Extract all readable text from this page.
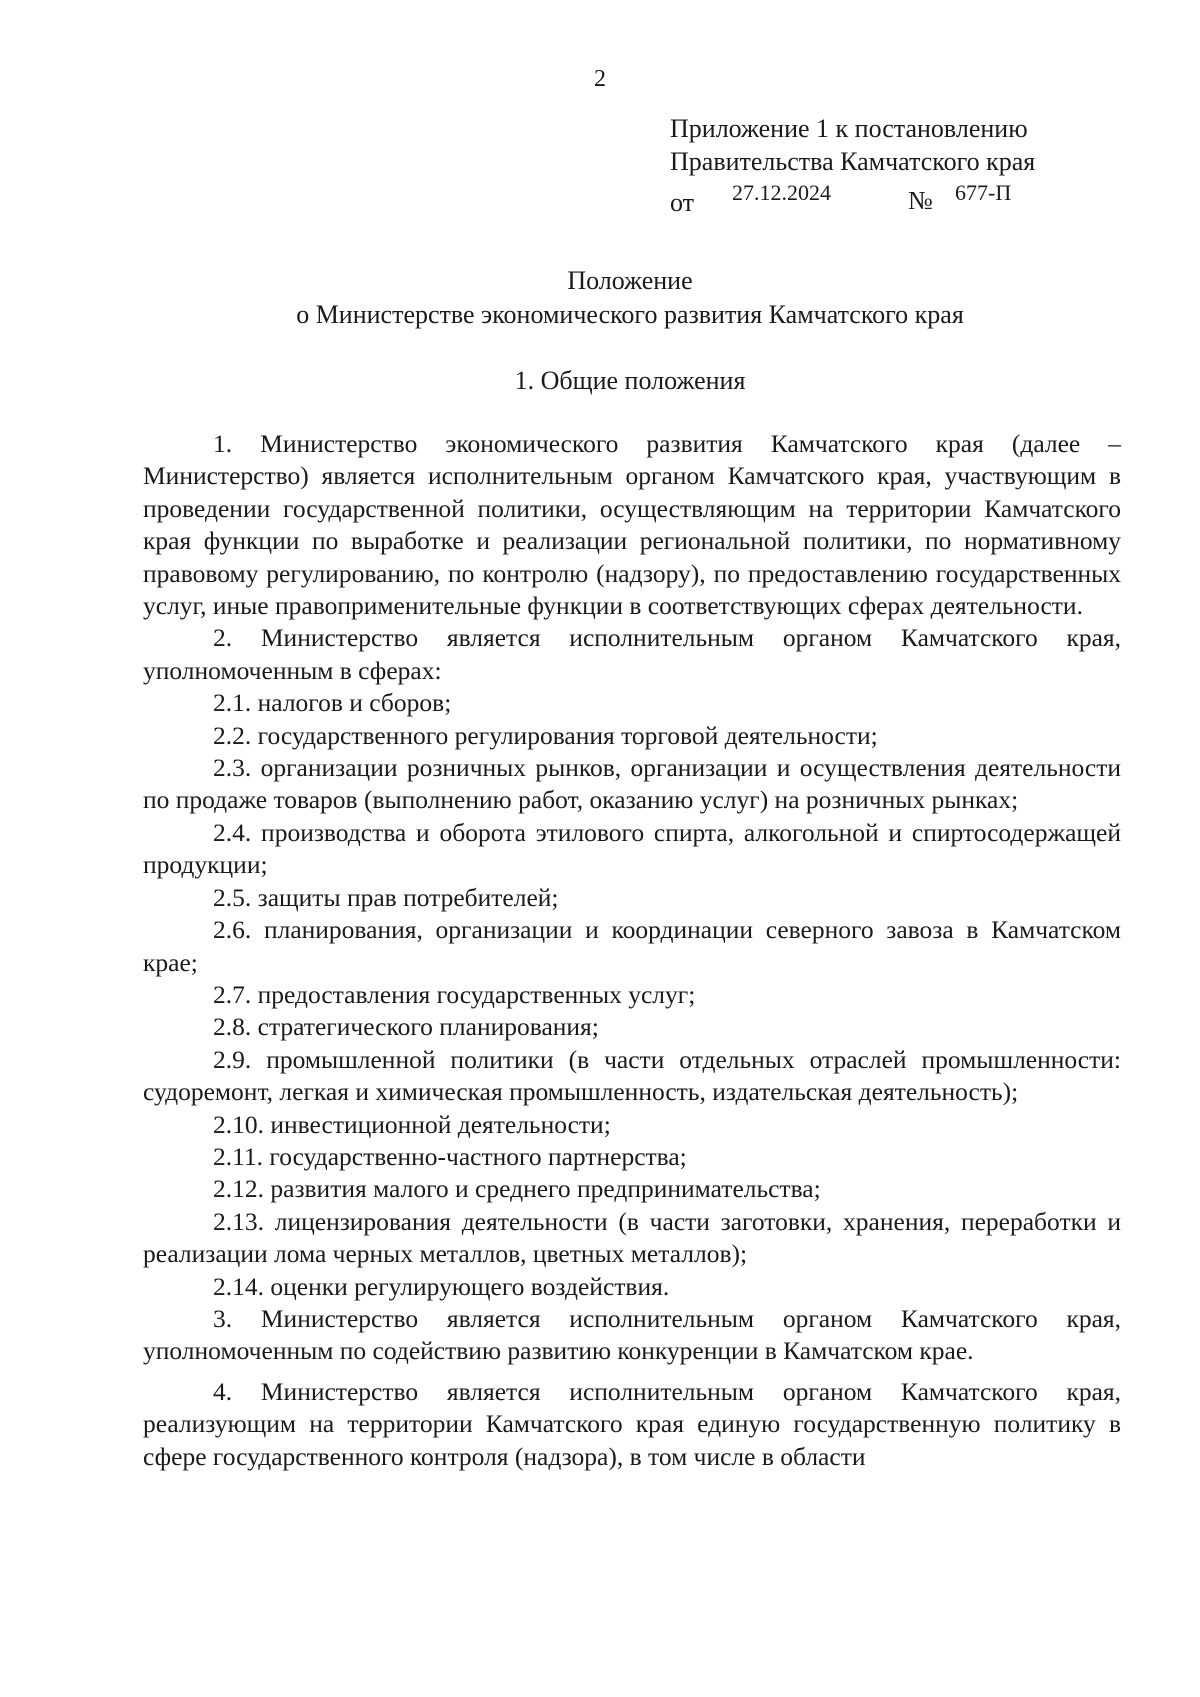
2
Приложение 1 к постановлению
Правительства Камчатского края
от 27.12.2024	№ 677-П
Положение
о Министерстве экономического развития Камчатского края
1. Общие положения

1. Министерство экономического развития Камчатского края (далее – Министерство) является исполнительным органом Камчатского края, участвующим в проведении государственной политики, осуществляющим на территории Камчатского края функции по выработке и реализации региональной политики, по нормативному правовому регулированию, по контролю (надзору), по предоставлению государственных услуг, иные правоприменительные функции в соответствующих сферах деятельности.

2. Министерство является исполнительным органом Камчатского края, уполномоченным в сферах:

2.1. налогов и сборов;

2.2. государственного регулирования торговой деятельности;

2.3. организации розничных рынков, организации и осуществления деятельности по продаже товаров (выполнению работ, оказанию услуг) на розничных рынках;

2.4. производства и оборота этилового спирта, алкогольной и спиртосодержащей продукции;

2.5. защиты прав потребителей;

2.6. планирования, организации и координации северного завоза в Камчатском крае;

2.7. предоставления государственных услуг;

2.8. стратегического планирования;

2.9. промышленной политики (в части отдельных отраслей промышленности: судоремонт, легкая и химическая промышленность, издательская деятельность);

2.10. инвестиционной деятельности;

2.11. государственно-частного партнерства;

2.12. развития малого и среднего предпринимательства;

2.13. лицензирования деятельности (в части заготовки, хранения, переработки и реализации лома черных металлов, цветных металлов);

2.14. оценки регулирующего воздействия.

3. Министерство является исполнительным органом Камчатского края, уполномоченным по содействию развитию конкуренции в Камчатском крае.

4. Министерство является исполнительным органом Камчатского края, реализующим на территории Камчатского края единую государственную политику в сфере государственного контроля (надзора), в том числе в области
